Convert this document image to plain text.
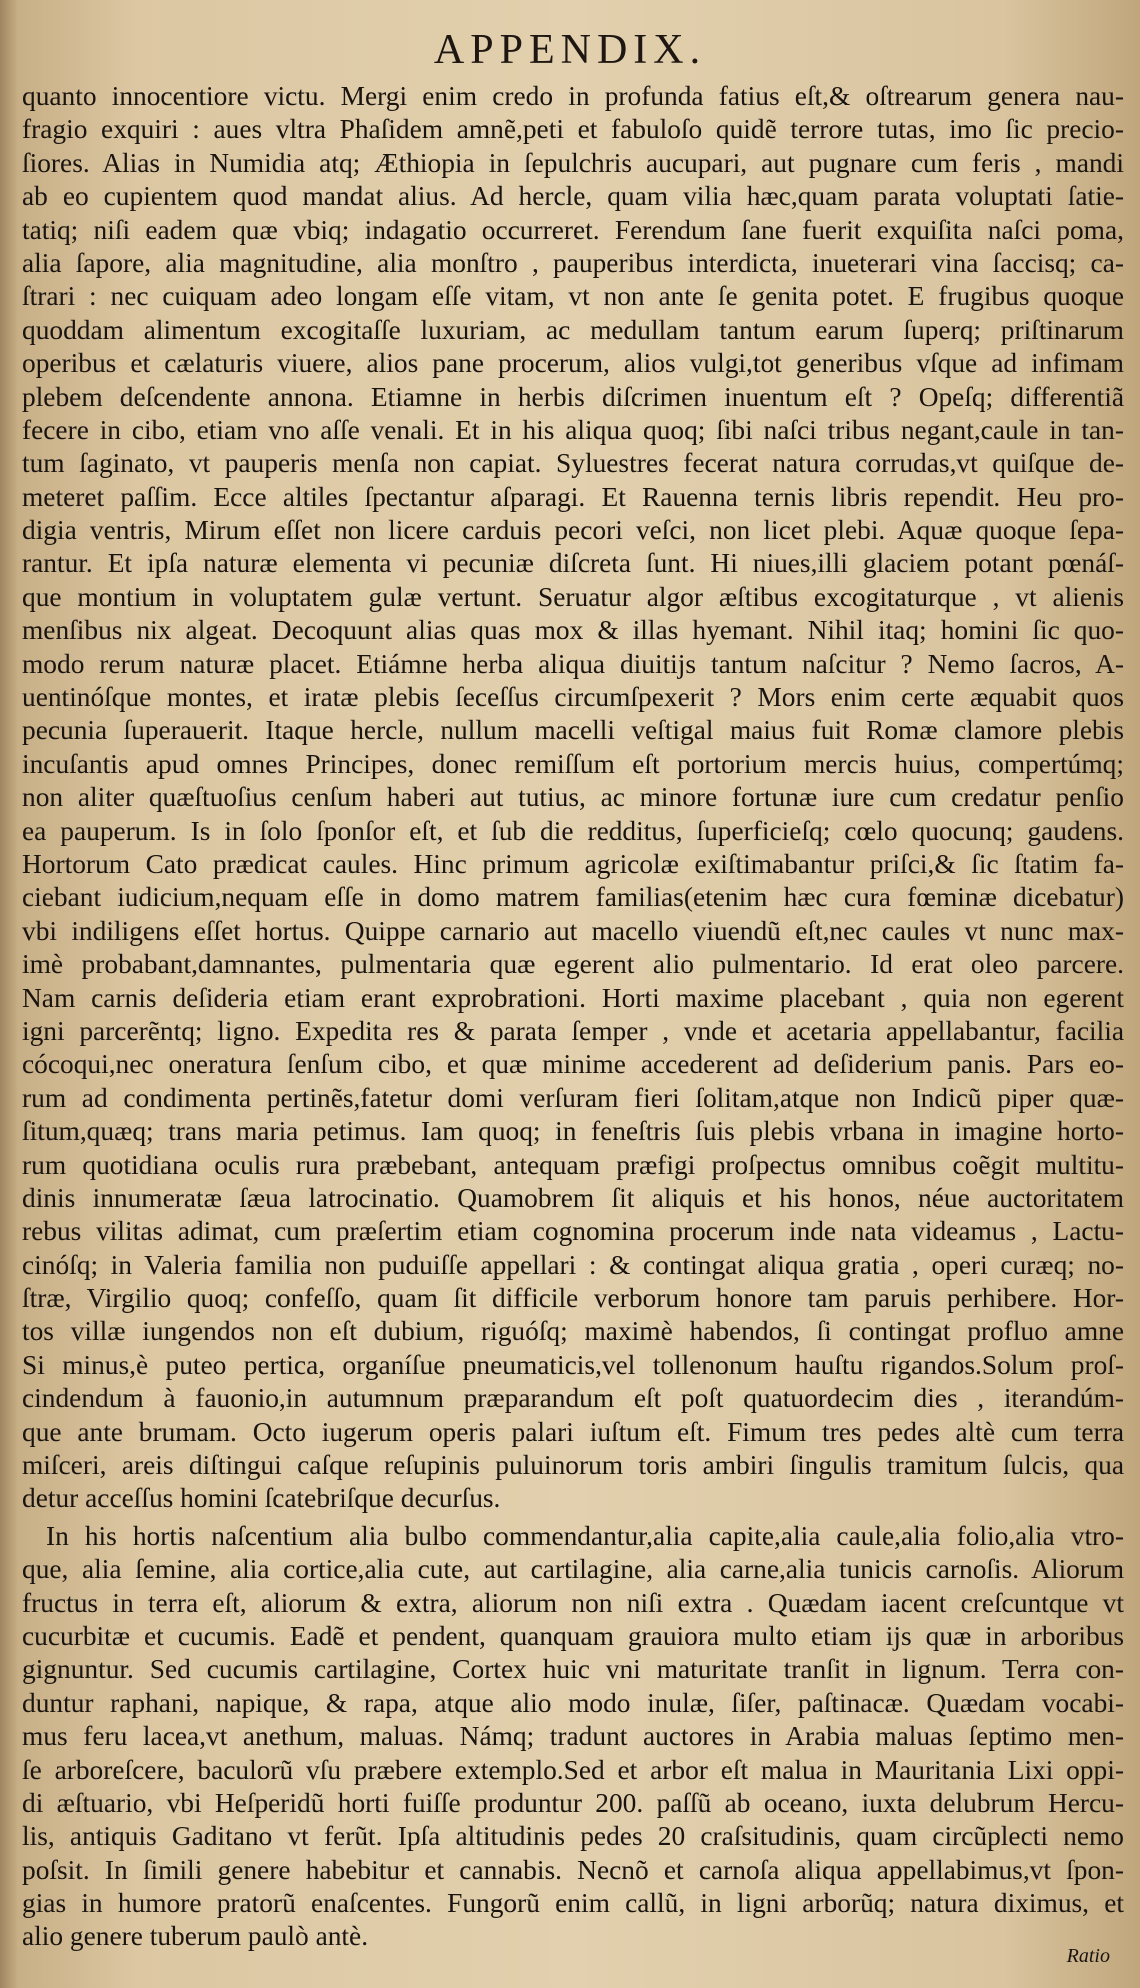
APPENDIX.
quanto innocentiore victu. Mergi enim credo in profunda fatius eſt,& oſtrearum genera nau-
fragio exquiri : aues vltra Phaſidem amnẽ,peti et fabuloſo quidẽ terrore tutas, imo ſic precio-
ſiores. Alias in Numidia atq; Æthiopia in ſepulchris aucupari, aut pugnare cum feris , mandi
ab eo cupientem quod mandat alius. Ad hercle, quam vilia hæc,quam parata voluptati ſatie-
tatiq; niſi eadem quæ vbiq; indagatio occurreret. Ferendum ſane fuerit exquiſita naſci poma,
alia ſapore, alia magnitudine, alia monſtro , pauperibus interdicta, inueterari vina ſaccisq; ca-
ſtrari : nec cuiquam adeo longam eſſe vitam, vt non ante ſe genita potet. E frugibus quoque
quoddam alimentum excogitaſſe luxuriam, ac medullam tantum earum ſuperq; priſtinarum
operibus et cælaturis viuere, alios pane procerum, alios vulgi,tot generibus vſque ad infimam
plebem deſcendente annona. Etiamne in herbis diſcrimen inuentum eſt ? Opeſq; differentiã
fecere in cibo, etiam vno aſſe venali. Et in his aliqua quoq; ſibi naſci tribus negant,caule in tan-
tum ſaginato, vt pauperis menſa non capiat. Syluestres fecerat natura corrudas,vt quiſque de-
meteret paſſim. Ecce altiles ſpectantur aſparagi. Et Rauenna ternis libris rependit. Heu pro-
digia ventris, Mirum eſſet non licere carduis pecori veſci, non licet plebi. Aquæ quoque ſepa-
rantur. Et ipſa naturæ elementa vi pecuniæ diſcreta ſunt. Hi niues,illi glaciem potant pœnáſ-
que montium in voluptatem gulæ vertunt. Seruatur algor æſtibus excogitaturque , vt alienis
menſibus nix algeat. Decoquunt alias quas mox & illas hyemant. Nihil itaq; homini ſic quo-
modo rerum naturæ placet. Etiámne herba aliqua diuitijs tantum naſcitur ? Nemo ſacros, A-
uentinóſque montes, et iratæ plebis ſeceſſus circumſpexerit ? Mors enim certe æquabit quos
pecunia ſuperauerit. Itaque hercle, nullum macelli veſtigal maius fuit Romæ clamore plebis
incuſantis apud omnes Principes, donec remiſſum eſt portorium mercis huius, compertúmq;
non aliter quæſtuoſius cenſum haberi aut tutius, ac minore fortunæ iure cum credatur penſio
ea pauperum. Is in ſolo ſponſor eſt, et ſub die redditus, ſuperficieſq; cœlo quocunq; gaudens.
Hortorum Cato prædicat caules. Hinc primum agricolæ exiſtimabantur priſci,& ſic ſtatim fa-
ciebant iudicium,nequam eſſe in domo matrem familias(etenim hæc cura fœminæ dicebatur)
vbi indiligens eſſet hortus. Quippe carnario aut macello viuendũ eſt,nec caules vt nunc max-
imè probabant,damnantes, pulmentaria quæ egerent alio pulmentario. Id erat oleo parcere.
Nam carnis deſideria etiam erant exprobrationi. Horti maxime placebant , quia non egerent
igni parcerẽntq; ligno. Expedita res & parata ſemper , vnde et acetaria appellabantur, facilia
cócoqui,nec oneratura ſenſum cibo, et quæ minime accederent ad deſiderium panis. Pars eo-
rum ad condimenta pertinẽs,fatetur domi verſuram fieri ſolitam,atque non Indicũ piper quæ-
ſitum,quæq; trans maria petimus. Iam quoq; in feneſtris ſuis plebis vrbana in imagine horto-
rum quotidiana oculis rura præbebant, antequam præfigi proſpectus omnibus coẽgit multitu-
dinis innumeratæ ſæua latrocinatio. Quamobrem ſit aliquis et his honos, néue auctoritatem
rebus vilitas adimat, cum præſertim etiam cognomina procerum inde nata videamus , Lactu-
cinóſq; in Valeria familia non puduiſſe appellari : & contingat aliqua gratia , operi curæq; no-
ſtræ, Virgilio quoq; confeſſo, quam ſit difficile verborum honore tam paruis perhibere. Hor-
tos villæ iungendos non eſt dubium, riguóſq; maximè habendos, ſi contingat profluo amne
Si minus,è puteo pertica, organíſue pneumaticis,vel tollenonum hauſtu rigandos.Solum proſ-
cindendum à fauonio,in autumnum præparandum eſt poſt quatuordecim dies , iterandúm-
que ante brumam. Octo iugerum operis palari iuſtum eſt. Fimum tres pedes altè cum terra
miſceri, areis diſtingui caſque reſupinis puluinorum toris ambiri ſingulis tramitum ſulcis, qua
detur acceſſus homini ſcatebriſque decurſus.
In his hortis naſcentium alia bulbo commendantur,alia capite,alia caule,alia folio,alia vtro-
que, alia ſemine, alia cortice,alia cute, aut cartilagine, alia carne,alia tunicis carnoſis. Aliorum
fructus in terra eſt, aliorum & extra, aliorum non niſi extra . Quædam iacent creſcuntque vt
cucurbitæ et cucumis. Eadẽ et pendent, quanquam grauiora multo etiam ijs quæ in arboribus
gignuntur. Sed cucumis cartilagine, Cortex huic vni maturitate tranſit in lignum. Terra con-
duntur raphani, napique, & rapa, atque alio modo inulæ, ſiſer, paſtinacæ. Quædam vocabi-
mus feru lacea,vt anethum, maluas. Námq; tradunt auctores in Arabia maluas ſeptimo men-
ſe arboreſcere, baculorũ vſu præbere extemplo.Sed et arbor eſt malua in Mauritania Lixi oppi-
di æſtuario, vbi Heſperidũ horti fuiſſe produntur 200. paſſũ ab oceano, iuxta delubrum Hercu-
lis, antiquis Gaditano vt ferũt. Ipſa altitudinis pedes 20 craſsitudinis, quam circũplecti nemo
poſsit. In ſimili genere habebitur et cannabis. Necnõ et carnoſa aliqua appellabimus,vt ſpon-
gias in humore pratorũ enaſcentes. Fungorũ enim callũ, in ligni arborũq; natura diximus, et
alio genere tuberum paulò antè.
Ratio
